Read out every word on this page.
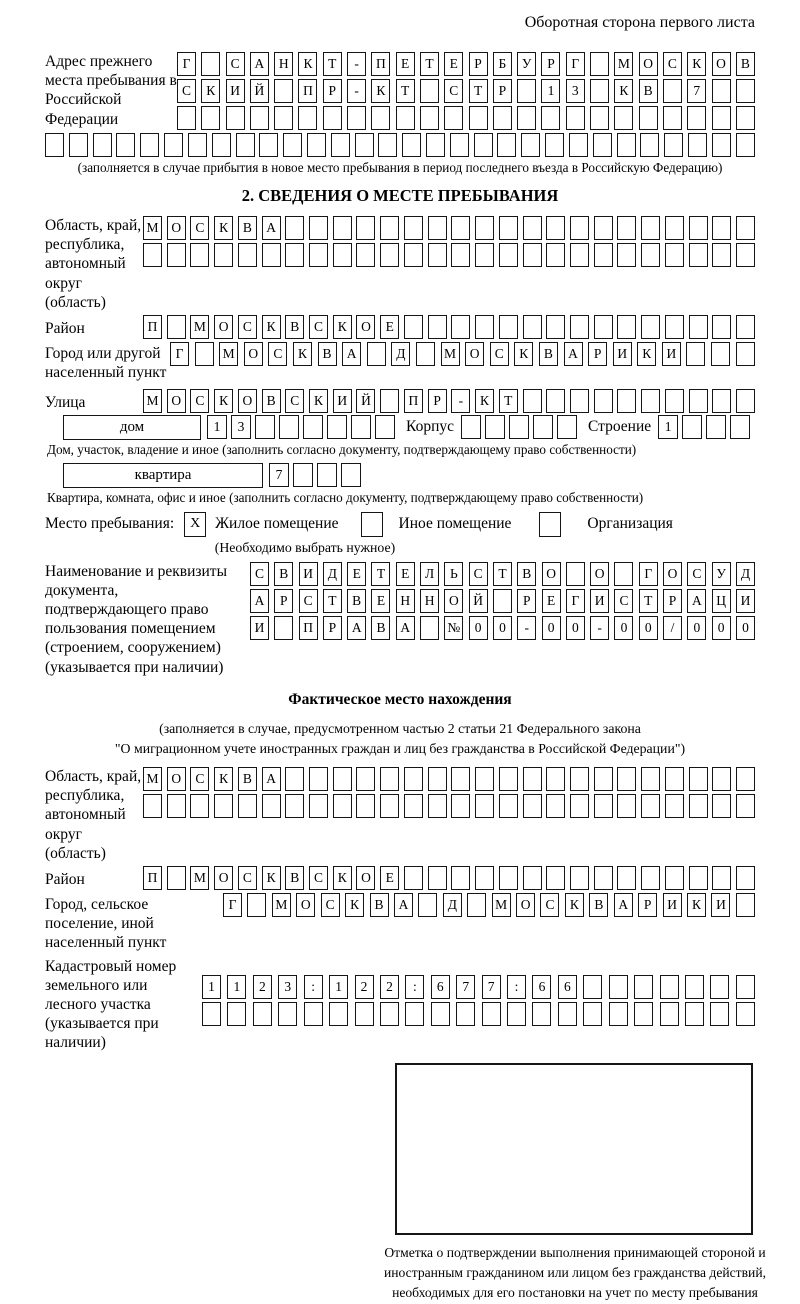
Оборотная сторона первого листа
Адрес прежнего места пребывания в Российской Федерации
Г	С	А	Н	К	Т	-	П	Е	Т	Е	Р	Б	У	Р	Г	М О	С	К	О	В
С	К	И	Й	П	Р	-	К	Т	С	Т	Р	1	3	К	В	7
(заполняется в случае прибытия в новое место пребывания в период последнего въезда в Российскую Федерацию)
2. СВЕДЕНИЯ О МЕСТЕ ПРЕБЫВАНИЯ
Область, край, республика, автономный округ (область)
М О	С	К	В	А
Район	П	М О	С	К	В	С	К	О	Е
Город или другой населенный пункт
Г	М	О	С	К	В	А	Д	М	О	С	К	В	А	Р	И	К	И
Улица	М О	С	К	О	В	С	К	И	Й	П	Р	-	К	Т
дом	1	3	Корпус	Строение	1
Дом, участок, владение и иное (заполнить согласно документу, подтверждающему право собственности)
квартира	7
Квартира, комната, офис и иное (заполнить согласно документу, подтверждающему право собственности)
Место пребывания:	X Жилое помещение	Иное помещение	Организация
(Необходимо выбрать нужное)
Наименование и реквизиты документа, подтверждающего право пользования помещением (строением, сооружением) (указывается при наличии)
С	В	И	Д	Е	Т	Е	Л	Ь	С	Т	В	О	О	Г	О	С	У	Д
А	Р	С	Т	В	Е	Н	Н	О	Й	Р	Е	Г	И	С	Т	Р	А	Ц	И
И	П	Р	А	В	А	№	0	0	-	0	0	-	0	0	/	0	0	0
Фактическое место нахождения
(заполняется в случае, предусмотренном частью 2 статьи 21 Федерального закона
"О миграционном учете иностранных граждан и лиц без гражданства в Российской Федерации")
Область, край, республика, автономный округ (область)
М О	С	К	В	А
Район	П	М О	С	К	В	С	К	О	Е
Город, сельское поселение, иной населенный пункт
Г	М	О	С	К	В	А	Д	М	О	С	К	В	А	Р	И	К	И
Кадастровый номер земельного или лесного участка (указывается при наличии)
1	1	2	3	:	1	2	2	:	6	7	7	:	6	6
Отметка о подтверждении выполнения принимающей стороной и иностранным гражданином или лицом без гражданства действий, необходимых для его постановки на учет по месту пребывания
